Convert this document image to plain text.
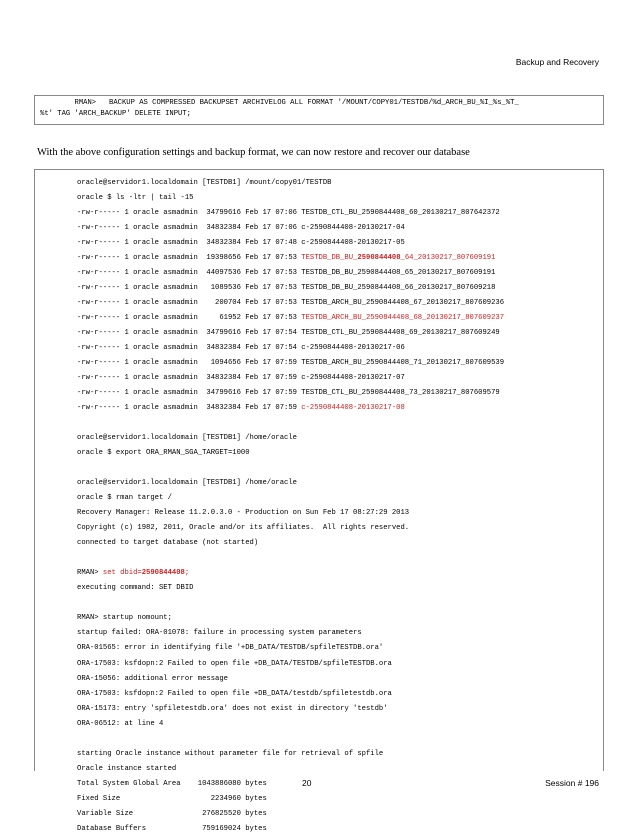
Backup and Recovery
RMAN>   BACKUP AS COMPRESSED BACKUPSET ARCHIVELOG ALL FORMAT '/MOUNT/COPY01/TESTDB/%d_ARCH_BU_%I_%s_%T_
%t' TAG 'ARCH_BACKUP' DELETE INPUT;
With the above configuration settings and backup format, we can now restore and recover our database
oracle@servidor1.localdomain [TESTDB1] /mount/copy01/TESTDB
oracle $ ls -ltr | tail -15
-rw-r----- 1 oracle asmadmin  34799616 Feb 17 07:06 TESTDB_CTL_BU_2590844408_60_20130217_807642372
-rw-r----- 1 oracle asmadmin  34832384 Feb 17 07:06 c-2590844408-20130217-04
-rw-r----- 1 oracle asmadmin  34832384 Feb 17 07:48 c-2590844408-20130217-05
-rw-r----- 1 oracle asmadmin  19398656 Feb 17 07:53 TESTDB_DB_BU_2590844408_64_20130217_807609191
-rw-r----- 1 oracle asmadmin  44097536 Feb 17 07:53 TESTDB_DB_BU_2590844408_65_20130217_807609191
-rw-r----- 1 oracle asmadmin   1089536 Feb 17 07:53 TESTDB_DB_BU_2590844408_66_20130217_807609218
-rw-r----- 1 oracle asmadmin    200704 Feb 17 07:53 TESTDB_ARCH_BU_2590844408_67_20130217_807609236
-rw-r----- 1 oracle asmadmin     61952 Feb 17 07:53 TESTDB_ARCH_BU_2590844408_68_20130217_807609237
-rw-r----- 1 oracle asmadmin  34799616 Feb 17 07:54 TESTDB_CTL_BU_2590844408_69_20130217_807609249
-rw-r----- 1 oracle asmadmin  34832384 Feb 17 07:54 c-2590844408-20130217-06
-rw-r----- 1 oracle asmadmin   1094656 Feb 17 07:59 TESTDB_ARCH_BU_2590844408_71_20130217_807609539
-rw-r----- 1 oracle asmadmin  34832384 Feb 17 07:59 c-2590844408-20130217-07
-rw-r----- 1 oracle asmadmin  34799616 Feb 17 07:59 TESTDB_CTL_BU_2590844408_73_20130217_807609579
-rw-r----- 1 oracle asmadmin  34832384 Feb 17 07:59 c-2590844408-20130217-08
oracle@servidor1.localdomain [TESTDB1] /home/oracle
oracle $ export ORA_RMAN_SGA_TARGET=1000
oracle@servidor1.localdomain [TESTDB1] /home/oracle
oracle $ rman target /
Recovery Manager: Release 11.2.0.3.0 - Production on Sun Feb 17 08:27:29 2013
Copyright (c) 1982, 2011, Oracle and/or its affiliates.  All rights reserved.
connected to target database (not started)
RMAN> set dbid=2590844408;
executing command: SET DBID
RMAN> startup nomount;
startup failed: ORA-01078: failure in processing system parameters
ORA-01565: error in identifying file '+DB_DATA/TESTDB/spfileTESTDB.ora'
ORA-17503: ksfdopn:2 Failed to open file +DB_DATA/TESTDB/spfileTESTDB.ora
ORA-15056: additional error message
ORA-17503: ksfdopn:2 Failed to open file +DB_DATA/testdb/spfiletestdb.ora
ORA-15173: entry 'spfiletestdb.ora' does not exist in directory 'testdb'
ORA-06512: at line 4
starting Oracle instance without parameter file for retrieval of spfile
Oracle instance started
Total System Global Area    1043886080 bytes
Fixed Size                     2234960 bytes
Variable Size                276825520 bytes
Database Buffers             759169024 bytes
20	Session # 196
